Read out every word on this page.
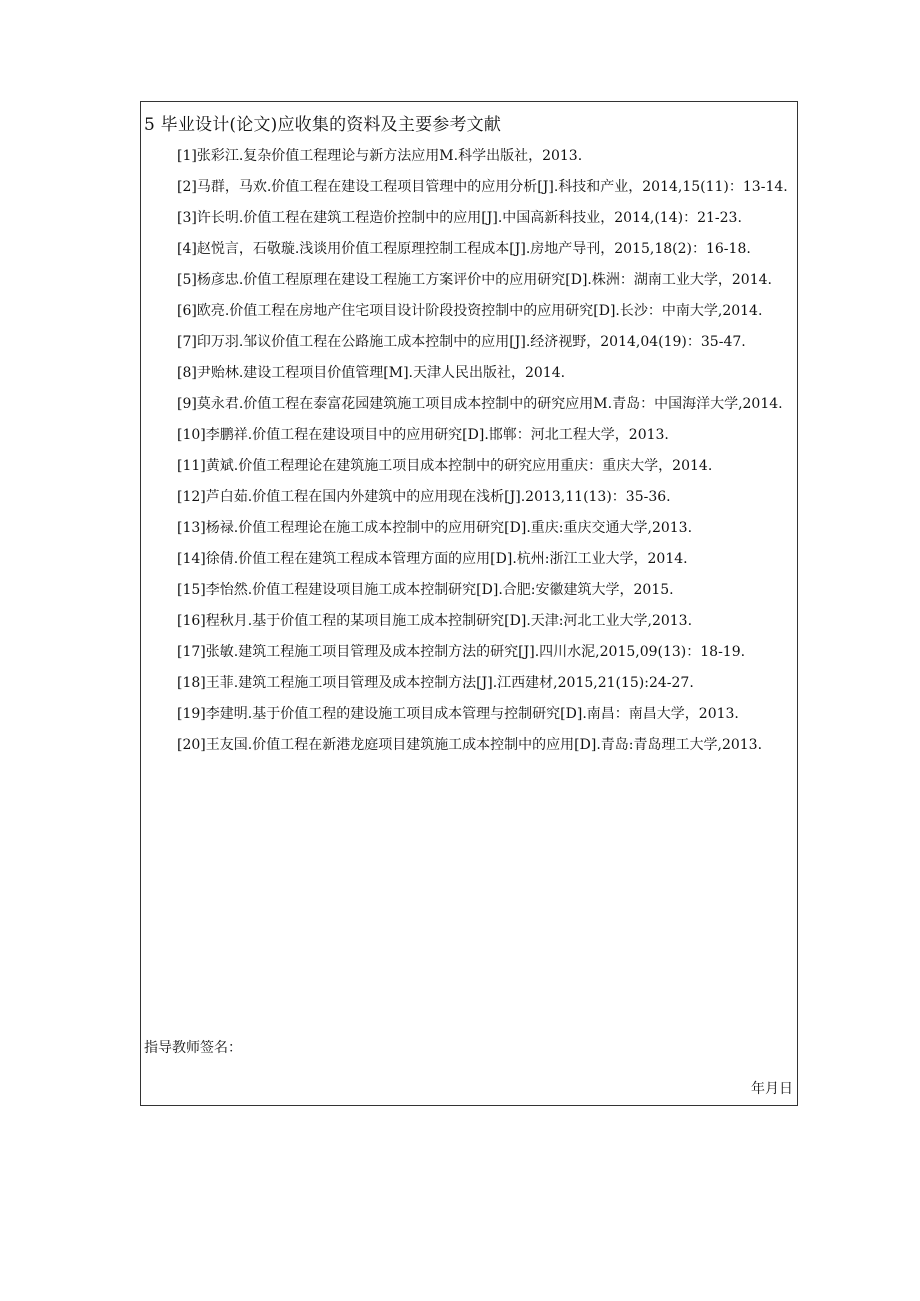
5 毕业设计(论文)应收集的资料及主要参考文献

[1]张彩江.复杂价值工程理论与新方法应用M.科学出版社，2013.

[2]马群，马欢.价值工程在建设工程项目管理中的应用分析[J].科技和产业，2014,15(11)：13-14.

[3]许长明.价值工程在建筑工程造价控制中的应用[J].中国高新科技业，2014,(14)：21-23.

[4]赵悦言，石敬璇.浅谈用价值工程原理控制工程成本[J].房地产导刊，2015,18(2)：16-18.

[5]杨彦忠.价值工程原理在建设工程施工方案评价中的应用研究[D].株洲：湖南工业大学，2014.

[6]欧亮.价值工程在房地产住宅项目设计阶段投资控制中的应用研究[D].长沙：中南大学,2014.

[7]印万羽.邹议价值工程在公路施工成本控制中的应用[J].经济视野，2014,04(19)：35-47.

[8]尹贻林.建设工程项目价值管理[M].天津人民出版社，2014.

[9]莫永君.价值工程在泰富花园建筑施工项目成本控制中的研究应用M.青岛：中国海洋大学,2014.

[10]李鹏祥.价值工程在建设项目中的应用研究[D].邯郸：河北工程大学，2013.

[11]黄斌.价值工程理论在建筑施工项目成本控制中的研究应用重庆：重庆大学，2014.

[12]芦白茹.价值工程在国内外建筑中的应用现在浅析[J].2013,11(13)：35-36.

[13]杨禄.价值工程理论在施工成本控制中的应用研究[D].重庆:重庆交通大学,2013.

[14]徐倩.价值工程在建筑工程成本管理方面的应用[D].杭州:浙江工业大学，2014.

[15]李怡然.价值工程建设项目施工成本控制研究[D].合肥:安徽建筑大学，2015.

[16]程秋月.基于价值工程的某项目施工成本控制研究[D].天津:河北工业大学,2013.

[17]张敏.建筑工程施工项目管理及成本控制方法的研究[J].四川水泥,2015,09(13)：18-19.

[18]王菲.建筑工程施工项目管理及成本控制方法[J].江西建材,2015,21(15):24-27.

[19]李建明.基于价值工程的建设施工项目成本管理与控制研究[D].南昌：南昌大学，2013.

[20]王友国.价值工程在新港龙庭项目建筑施工成本控制中的应用[D].青岛:青岛理工大学,2013.

指导教师签名：
年月日
